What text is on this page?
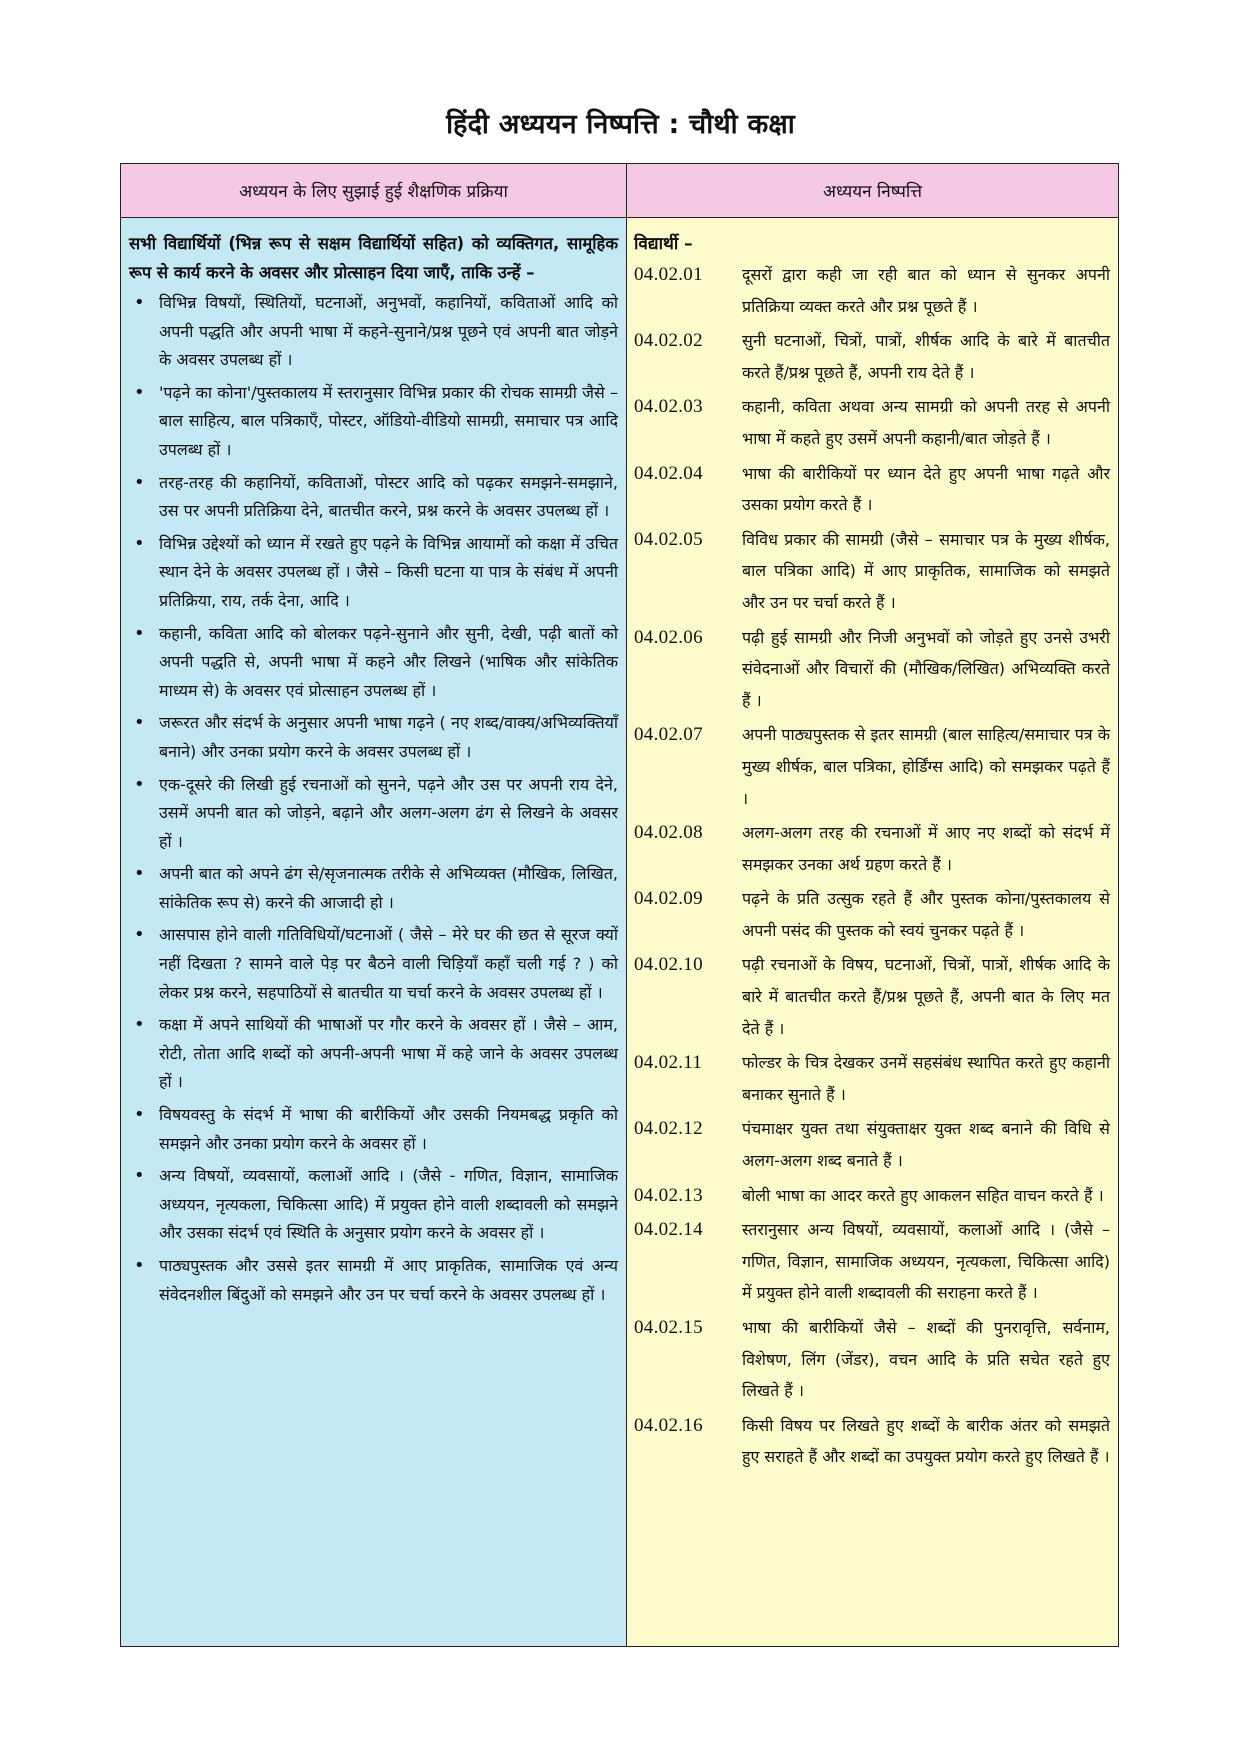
हिंदी अध्ययन निष्पत्ति : चौथी कक्षा
अध्ययन के लिए सुझाई हुई शैक्षणिक प्रक्रिया

सभी विद्यार्थियों (भिन्न रूप से सक्षम विद्यार्थियों सहित) को व्यक्तिगत, सामूहिक रूप से कार्य करने के अवसर और प्रोत्साहन दिया जाएँ, ताकि उन्हें –

• विभिन्न विषयों, स्थितियों, घटनाओं, अनुभवों, कहानियों, कविताओं आदि को अपनी पद्धति और अपनी भाषा में कहने-सुनाने/प्रश्न पूछने एवं अपनी बात जोड़ने के अवसर उपलब्ध हों ।
• 'पढ़ने का कोना'/पुस्तकालय में स्तरानुसार विभिन्न प्रकार की रोचक सामग्री जैसे – बाल साहित्य, बाल पत्रिकाएँ, पोस्टर, ऑडियो-वीडियो सामग्री, समाचार पत्र आदि उपलब्ध हों ।
• तरह-तरह की कहानियों, कविताओं, पोस्टर आदि को पढ़कर समझने-समझाने, उस पर अपनी प्रतिक्रिया देने, बातचीत करने, प्रश्न करने के अवसर उपलब्ध हों ।
• विभिन्न उद्देश्यों को ध्यान में रखते हुए पढ़ने के विभिन्न आयामों को कक्षा में उचित स्थान देने के अवसर उपलब्ध हों । जैसे – किसी घटना या पात्र के संबंध में अपनी प्रतिक्रिया, राय, तर्क देना, आदि ।
• कहानी, कविता आदि को बोलकर पढ़ने-सुनाने और सुनी, देखी, पढ़ी बातों को अपनी पद्धति से, अपनी भाषा में कहने और लिखने (भाषिक और सांकेतिक माध्यम से) के अवसर एवं प्रोत्साहन उपलब्ध हों ।
• जरूरत और संदर्भ के अनुसार अपनी भाषा गढ़ने ( नए शब्द/वाक्य/अभिव्यक्तियाँ बनाने) और उनका प्रयोग करने के अवसर उपलब्ध हों ।
• एक-दूसरे की लिखी हुई रचनाओं को सुनने, पढ़ने और उस पर अपनी राय देने, उसमें अपनी बात को जोड़ने, बढ़ाने और अलग-अलग ढंग से लिखने के अवसर हों ।
• अपनी बात को अपने ढंग से/सृजनात्मक तरीके से अभिव्यक्त (मौखिक, लिखित, सांकेतिक रूप से) करने की आजादी हो ।
• आसपास होने वाली गतिविधियों/घटनाओं ( जैसे – मेरे घर की छत से सूरज क्यों नहीं दिखता ? सामने वाले पेड़ पर बैठने वाली चिड़ियाँ कहाँ चली गई ? ) को लेकर प्रश्न करने, सहपाठियों से बातचीत या चर्चा करने के अवसर उपलब्ध हों ।
• कक्षा में अपने साथियों की भाषाओं पर गौर करने के अवसर हों । जैसे – आम, रोटी, तोता आदि शब्दों को अपनी-अपनी भाषा में कहे जाने के अवसर उपलब्ध हों ।
• विषयवस्तु के संदर्भ में भाषा की बारीकियों और उसकी नियमबद्ध प्रकृति को समझने और उनका प्रयोग करने के अवसर हों ।
• अन्य विषयों, व्यवसायों, कलाओं आदि । (जैसे - गणित, विज्ञान, सामाजिक अध्ययन, नृत्यकला, चिकित्सा आदि) में प्रयुक्त होने वाली शब्दावली को समझने और उसका संदर्भ एवं स्थिति के अनुसार प्रयोग करने के अवसर हों ।
• पाठ्यपुस्तक और उससे इतर सामग्री में आए प्राकृतिक, सामाजिक एवं अन्य संवेदनशील बिंदुओं को समझने और उन पर चर्चा करने के अवसर उपलब्ध हों ।
अध्ययन निष्पत्ति
विद्यार्थी –
04.02.01 दूसरों द्वारा कही जा रही बात को ध्यान से सुनकर अपनी प्रतिक्रिया व्यक्त करते और प्रश्न पूछते हैं ।
04.02.02 सुनी घटनाओं, चित्रों, पात्रों, शीर्षक आदि के बारे में बातचीत करते हैं/प्रश्न पूछते हैं, अपनी राय देते हैं ।
04.02.03 कहानी, कविता अथवा अन्य सामग्री को अपनी तरह से अपनी भाषा में कहते हुए उसमें अपनी कहानी/बात जोड़ते हैं ।
04.02.04 भाषा की बारीकियों पर ध्यान देते हुए अपनी भाषा गढ़ते और उसका प्रयोग करते हैं ।
04.02.05 विविध प्रकार की सामग्री (जैसे – समाचार पत्र के मुख्य शीर्षक, बाल पत्रिका आदि) में आए प्राकृतिक, सामाजिक को समझते और उन पर चर्चा करते हैं ।
04.02.06 पढ़ी हुई सामग्री और निजी अनुभवों को जोड़ते हुए उनसे उभरी संवेदनाओं और विचारों की (मौखिक/लिखित) अभिव्यक्ति करते हैं ।
04.02.07 अपनी पाठ्यपुस्तक से इतर सामग्री (बाल साहित्य/समाचार पत्र के मुख्य शीर्षक, बाल पत्रिका, होर्डिंग्स आदि) को समझकर पढ़ते हैं ।
04.02.08 अलग-अलग तरह की रचनाओं में आए नए शब्दों को संदर्भ में समझकर उनका अर्थ ग्रहण करते हैं ।
04.02.09 पढ़ने के प्रति उत्सुक रहते हैं और पुस्तक कोना/पुस्तकालय से अपनी पसंद की पुस्तक को स्वयं चुनकर पढ़ते हैं ।
04.02.10 पढ़ी रचनाओं के विषय, घटनाओं, चित्रों, पात्रों, शीर्षक आदि के बारे में बातचीत करते हैं/प्रश्न पूछते हैं, अपनी बात के लिए मत देते हैं ।
04.02.11 फोल्डर के चित्र देखकर उनमें सहसंबंध स्थापित करते हुए कहानी बनाकर सुनाते हैं ।
04.02.12 पंचमाक्षर युक्त तथा संयुक्ताक्षर युक्त शब्द बनाने की विधि से अलग-अलग शब्द बनाते हैं ।
04.02.13 बोली भाषा का आदर करते हुए आकलन सहित वाचन करते हैं ।
04.02.14 स्तरानुसार अन्य विषयों, व्यवसायों, कलाओं आदि । (जैसे – गणित, विज्ञान, सामाजिक अध्ययन, नृत्यकला, चिकित्सा आदि) में प्रयुक्त होने वाली शब्दावली की सराहना करते हैं ।
04.02.15 भाषा की बारीकियों जैसे – शब्दों की पुनरावृत्ति, सर्वनाम, विशेषण, लिंग (जेंडर), वचन आदि के प्रति सचेत रहते हुए लिखते हैं ।
04.02.16 किसी विषय पर लिखते हुए शब्दों के बारीक अंतर को समझते हुए सराहते हैं और शब्दों का उपयुक्त प्रयोग करते हुए लिखते हैं ।
